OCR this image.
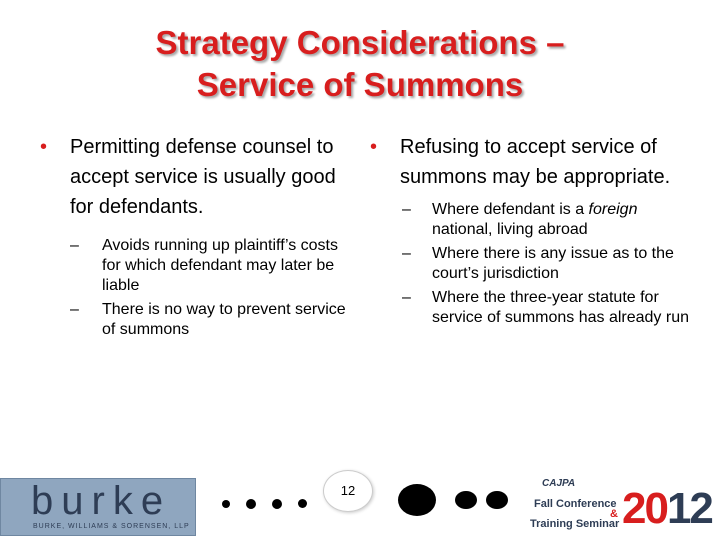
Strategy Considerations –
Service of Summons
• Permitting defense counsel to accept service is usually good for defendants.
– Avoids running up plaintiff’s costs for which defendant may later be liable
– There is no way to prevent service of summons
• Refusing to accept service of summons may be appropriate.
– Where defendant is a foreign national, living abroad
– Where there is any issue as to the court’s jurisdiction
– Where the three-year statute for service of summons has already run
burke
BURKE, WILLIAMS & SORENSEN, LLP
12	CAJPA
Fall Conference
&
Training Seminar 2012
